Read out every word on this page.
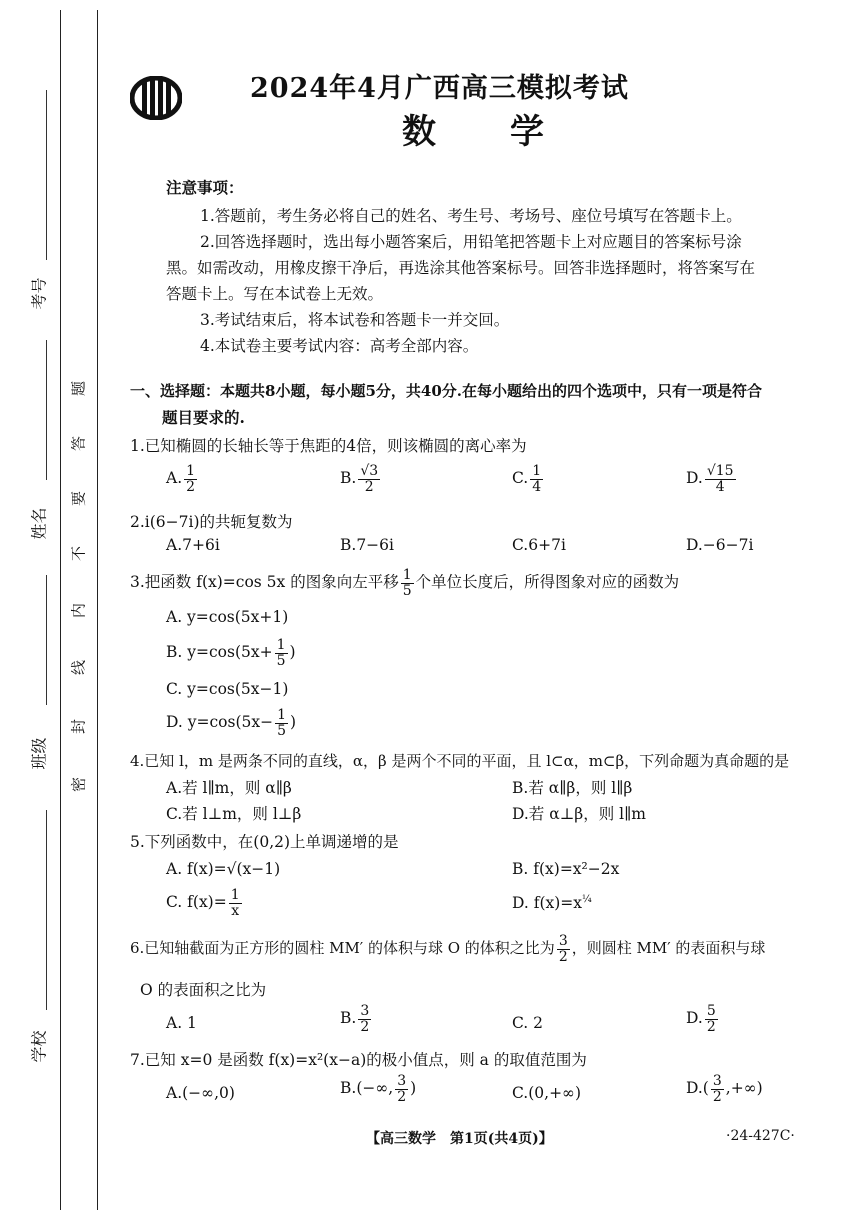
考号
姓名
班级
学校
题
答
要
不
内
线
封
密
2024年4月广西高三模拟考试
数　　学
注意事项：
1.答题前，考生务必将自己的姓名、考生号、考场号、座位号填写在答题卡上。
2.回答选择题时，选出每小题答案后，用铅笔把答题卡上对应题目的答案标号涂
黑。如需改动，用橡皮擦干净后，再选涂其他答案标号。回答非选择题时，将答案写在
答题卡上。写在本试卷上无效。
3.考试结束后，将本试卷和答题卡一并交回。
4.本试卷主要考试内容：高考全部内容。
一、选择题：本题共8小题，每小题5分，共40分.在每小题给出的四个选项中，只有一项是符合
题目要求的.
1.已知椭圆的长轴长等于焦距的4倍，则该椭圆的离心率为
A. $\frac{1}{2}$	B. $\frac{√3}{2}$	C. $\frac{1}{4}$	D. $\frac{√15}{4}$
2.i(6−7i)的共轭复数为
A.7+6i	B.7−6i	C.6+7i	D.−6−7i
3.把函数 f(x)=cos 5x 的图象向左平移 $\frac{1}{5}$ 个单位长度后，所得图象对应的函数为
A. y=cos(5x+1)
B. $y=\cos(5x+ \frac{1}{5}$ )
C. y=cos(5x−1)
D. $y=\cos(5x- \frac{1}{5}$ )
4.已知 l，m 是两条不同的直线，α，β 是两个不同的平面，且 l⊂α，m⊂β，下列命题为真命题的是
A.若 l∥m，则 α∥β	B.若 α∥β，则 l∥β
C.若 l⊥m，则 l⊥β	D.若 α⊥β，则 l∥m
5.下列函数中，在(0,2)上单调递增的是
A. f(x)=√(x−1)	B. f(x)=x²−2x
C. $f(x)= \frac{1}{x}$	D. $f(x)=x^{\frac{1}{4}}$
6.已知轴截面为正方形的圆柱 MM′ 的体积与球 O 的体积之比为 $\frac{3}{2}$ ，则圆柱 MM′ 的表面积与球
O 的表面积之比为
A. 1	B. $\frac{3}{2}$	C. 2	D. $\frac{5}{2}$
7.已知 x=0 是函数 f(x)=x²(x−a)的极小值点，则 a 的取值范围为
A.(−∞,0)	B.(−∞, $\frac{3}{2}$ )	C.(0,+∞)	$D.( \frac{3}{2}$ ,+∞)
【高三数学　第1页(共4页)】	·24-427C·
